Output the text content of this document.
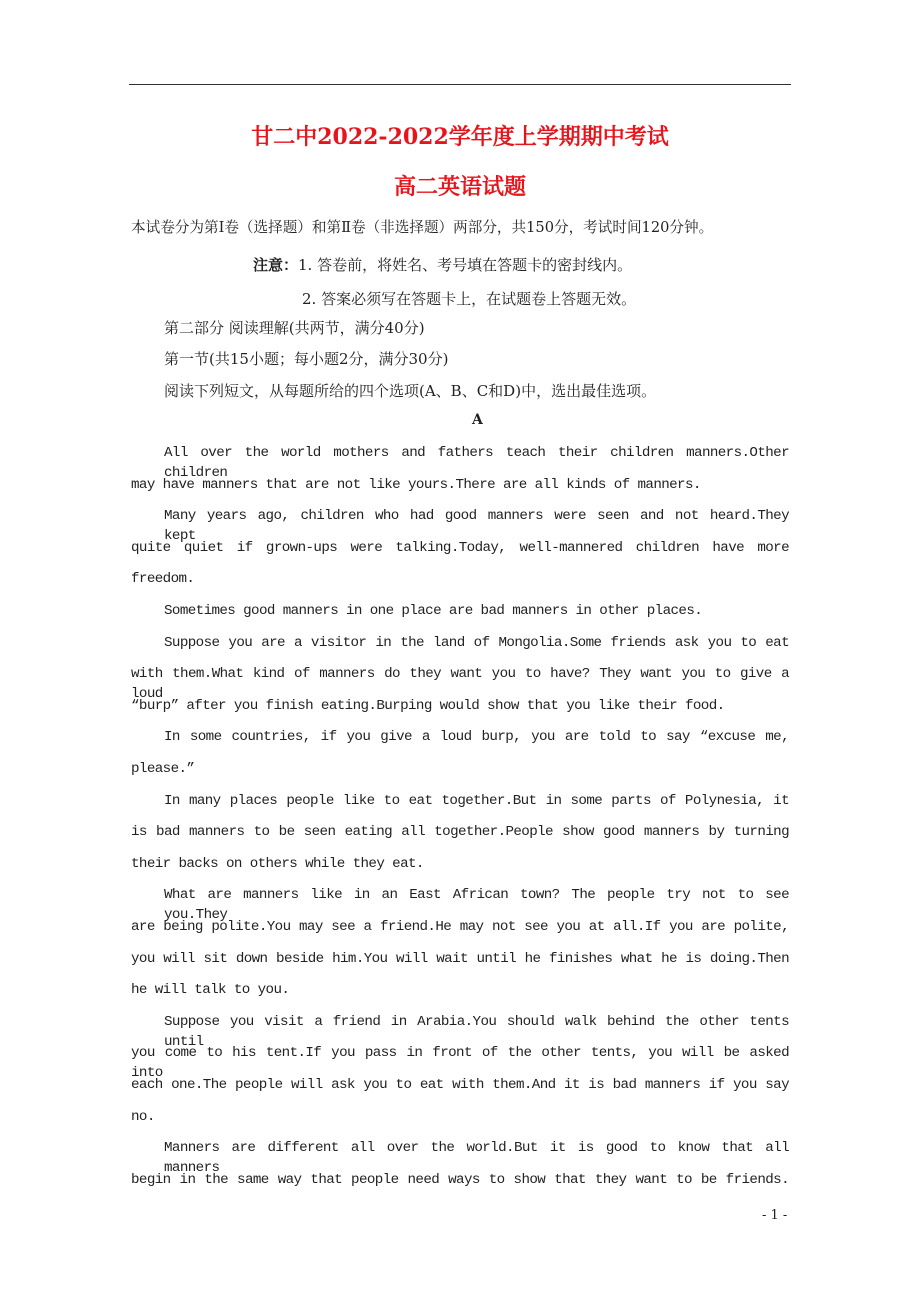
甘二中2022-2022学年度上学期期中考试
高二英语试题
本试卷分为第Ⅰ卷（选择题）和第Ⅱ卷（非选择题）两部分，共150分，考试时间120分钟。
注意：1. 答卷前，将姓名、考号填在答题卡的密封线内。
2. 答案必须写在答题卡上，在试题卷上答题无效。
第二部分 阅读理解(共两节，满分40分)
第一节(共15小题；每小题2分，满分30分)
阅读下列短文，从每题所给的四个选项(A、B、C和D)中，选出最佳选项。
A
All over the world mothers and fathers teach their children manners.Other children
may have manners that are not like yours.There are all kinds of manners.
Many years ago, children who had good manners were seen and not heard.They kept
quite quiet if grown-ups were talking.Today, well-mannered children have more
freedom.
Sometimes good manners in one place are bad manners in other places.
Suppose you are a visitor in the land of Mongolia.Some friends ask you to eat
with them.What kind of manners do they want you to have? They want you to give a loud
“burp” after you finish eating.Burping would show that you like their food.
In some countries, if you give a loud burp, you are told to say “excuse me,
please.”
In many places people like to eat together.But in some parts of Polynesia, it
is bad manners to be seen eating all together.People show good manners by turning
their backs on others while they eat.
What are manners like in an East African town? The people try not to see you.They
are being polite.You may see a friend.He may not see you at all.If you are polite,
you will sit down beside him.You will wait until he finishes what he is doing.Then
he will talk to you.
Suppose you visit a friend in Arabia.You should walk behind the other tents until
you come to his tent.If you pass in front of the other tents, you will be asked into
each one.The people will ask you to eat with them.And it is bad manners if you say
no.
Manners are different all over the world.But it is good to know that all manners
begin in the same way that people need ways to show that they want to be friends.
- 1 -
